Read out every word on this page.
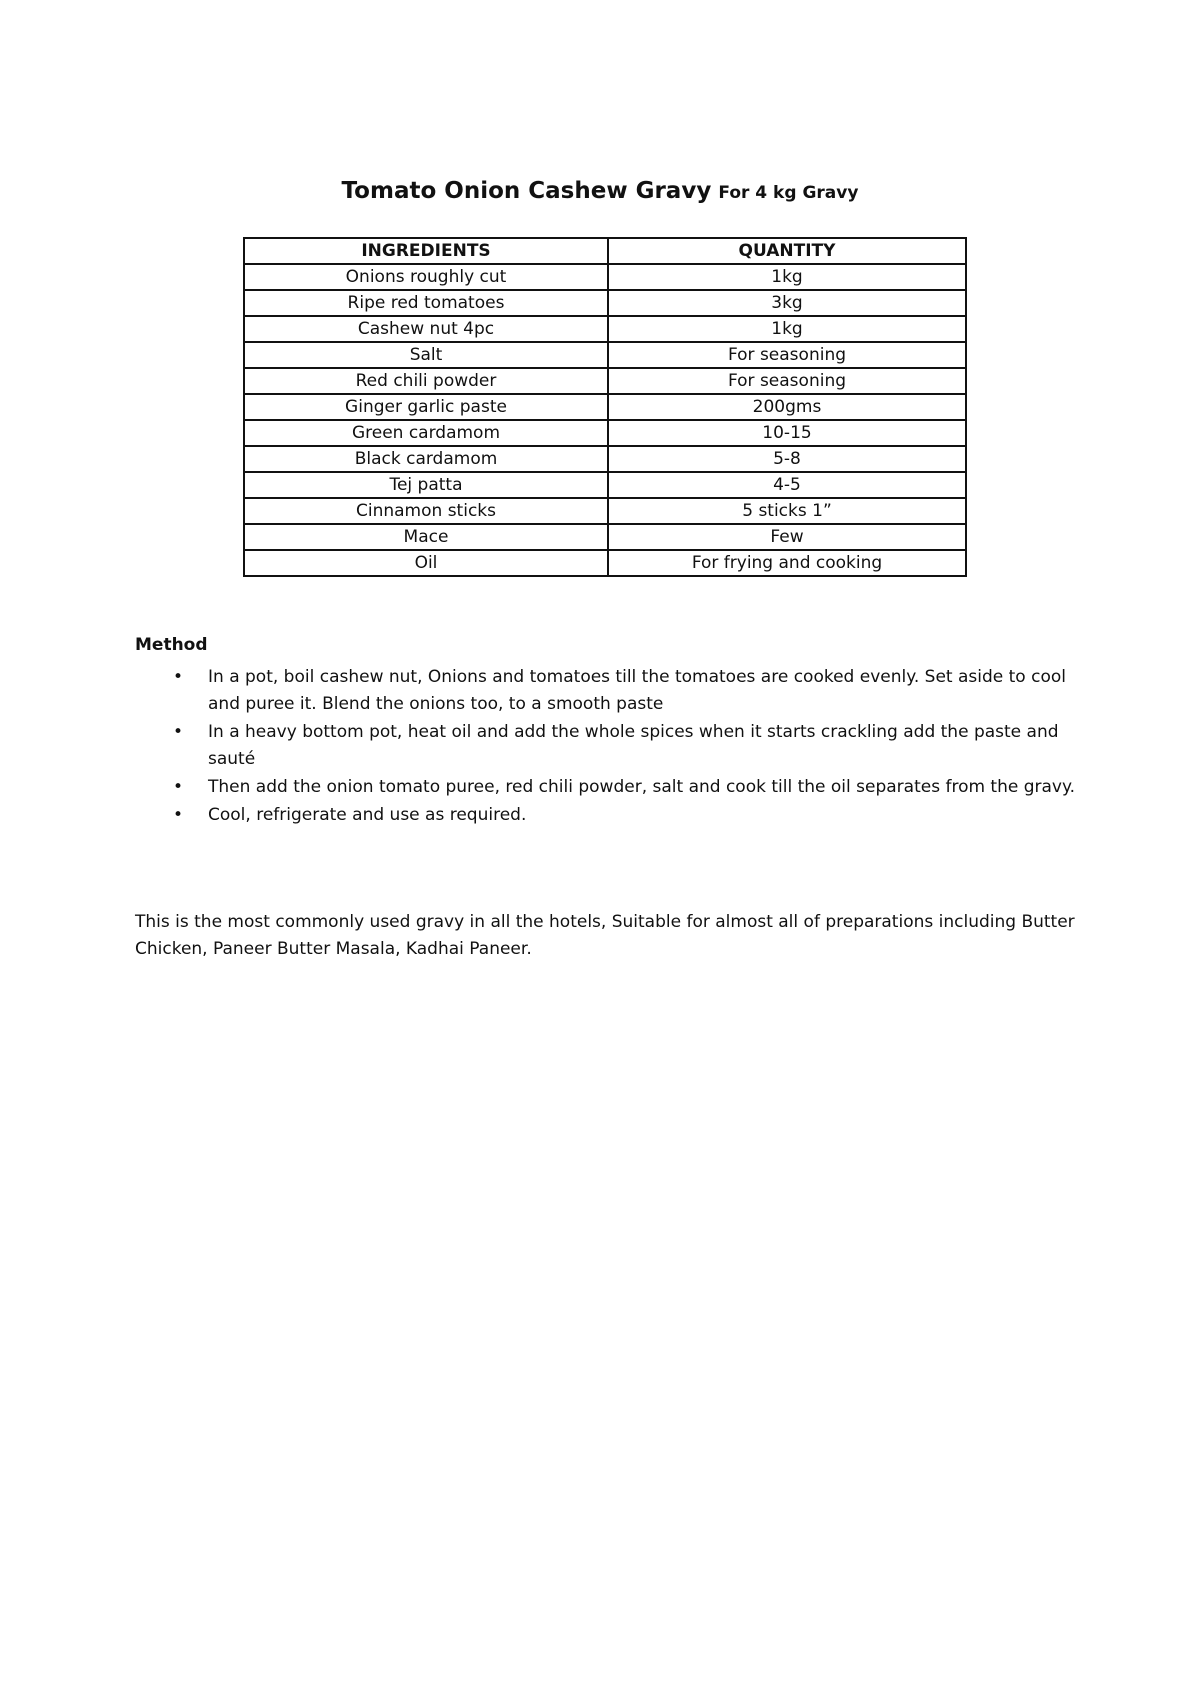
Tomato Onion Cashew Gravy For 4 kg Gravy
INGREDIENTS	QUANTITY
Onions roughly cut	1kg
Ripe red tomatoes	3kg
Cashew nut 4pc	1kg
Salt	For seasoning
Red chili powder	For seasoning
Ginger garlic paste	200gms
Green cardamom	10-15
Black cardamom	5-8
Tej patta	4-5
Cinnamon sticks	5 sticks 1”
Mace	Few
Oil	For frying and cooking
Method
• In a pot, boil cashew nut, Onions and tomatoes till the tomatoes are cooked evenly. Set aside to cool and puree it. Blend the onions too, to a smooth paste
• In a heavy bottom pot, heat oil and add the whole spices when it starts crackling add the paste and sauté
• Then add the onion tomato puree, red chili powder, salt and cook till the oil separates from the gravy.
• Cool, refrigerate and use as required.

This is the most commonly used gravy in all the hotels, Suitable for almost all of preparations including Butter Chicken, Paneer Butter Masala, Kadhai Paneer.
